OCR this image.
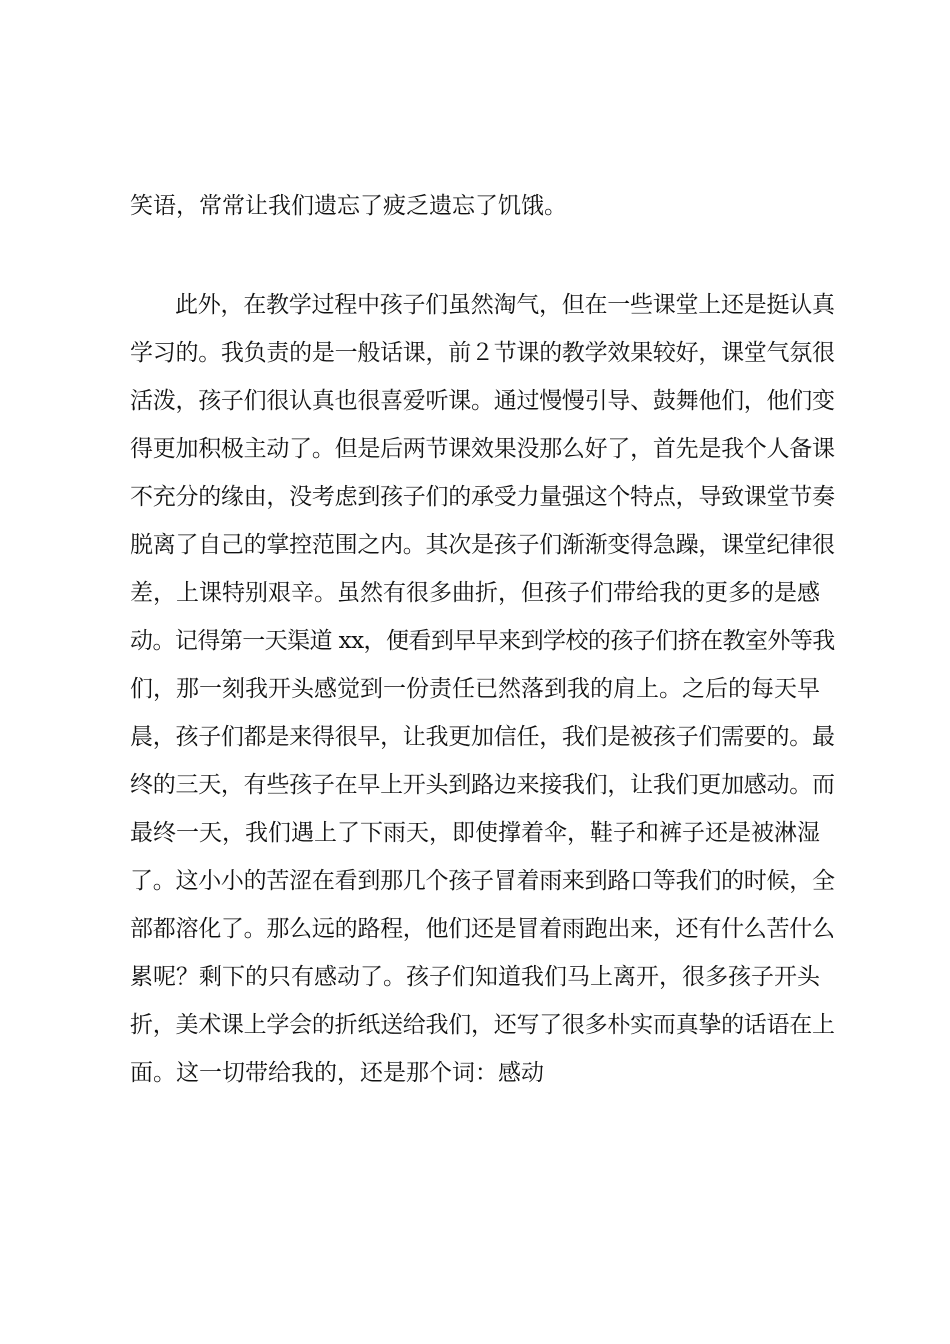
笑语，常常让我们遗忘了疲乏遗忘了饥饿。
此外，在教学过程中孩子们虽然淘气，但在一些课堂上还是挺认真
学习的。我负责的是一般话课，前２节课的教学效果较好，课堂气氛很
活泼，孩子们很认真也很喜爱听课。通过慢慢引导、鼓舞他们，他们变
得更加积极主动了。但是后两节课效果没那么好了，首先是我个人备课
不充分的缘由，没考虑到孩子们的承受力量强这个特点，导致课堂节奏
脱离了自己的掌控范围之内。其次是孩子们渐渐变得急躁，课堂纪律很
差，上课特别艰辛。虽然有很多曲折，但孩子们带给我的更多的是感
动。记得第一天渠道 xx，便看到早早来到学校的孩子们挤在教室外等我
们，那一刻我开头感觉到一份责任已然落到我的肩上。之后的每天早
晨，孩子们都是来得很早，让我更加信任，我们是被孩子们需要的。最
终的三天，有些孩子在早上开头到路边来接我们，让我们更加感动。而
最终一天，我们遇上了下雨天，即使撑着伞，鞋子和裤子还是被淋湿
了。这小小的苦涩在看到那几个孩子冒着雨来到路口等我们的时候，全
部都溶化了。那么远的路程，他们还是冒着雨跑出来，还有什么苦什么
累呢？剩下的只有感动了。孩子们知道我们马上离开，很多孩子开头
折，美术课上学会的折纸送给我们，还写了很多朴实而真挚的话语在上
面。这一切带给我的，还是那个词：感动
